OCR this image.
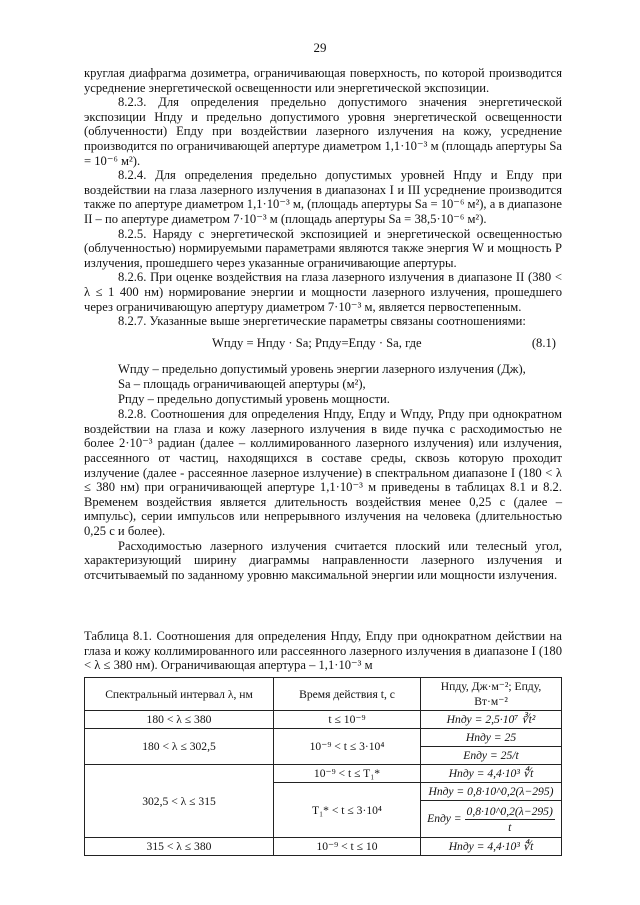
29

круглая диафрагма дозиметра, ограничивающая поверхность, по которой производится усреднение энергетической освещенности или энергетической экспозиции.

8.2.3. Для определения предельно допустимого значения энергетической экспозиции Hпду и предельно допустимого уровня энергетической освещенности (облученности) Eпду при воздействии лазерного излучения на кожу, усреднение производится по ограничивающей апертуре диаметром 1,1·10⁻³ м (площадь апертуры Sa = 10⁻⁶ м²).

8.2.4. Для определения предельно допустимых уровней Hпду и Eпду при воздействии на глаза лазерного излучения в диапазонах I и III усреднение производится также по апертуре диаметром 1,1·10⁻³ м, (площадь апертуры Sa = 10⁻⁶ м²), а в диапазоне II – по апертуре диаметром 7·10⁻³ м (площадь апертуры Sa = 38,5·10⁻⁶ м²).

8.2.5. Наряду с энергетической экспозицией и энергетической освещенностью (облученностью) нормируемыми параметрами являются также энергия W и мощность P излучения, прошедшего через указанные ограничивающие апертуры.

8.2.6. При оценке воздействия на глаза лазерного излучения в диапазоне II (380 < λ ≤ 1 400 нм) нормирование энергии и мощности лазерного излучения, прошедшего через ограничивающую апертуру диаметром 7·10⁻³ м, является первостепенным.

8.2.7. Указанные выше энергетические параметры связаны соотношениями:

Wпду = Hпду · Sa; Pпду=Eпду · Sa, где	(8.1)
Wпду – предельно допустимый уровень энергии лазерного излучения (Дж),
Sa – площадь ограничивающей апертуры (м²),
Pпду – предельно допустимый уровень мощности.

8.2.8. Соотношения для определения Hпду, Eпду и Wпду, Pпду при однократном воздействии на глаза и кожу лазерного излучения в виде пучка с расходимостью не более 2·10⁻³ радиан (далее – коллимированного лазерного излучения) или излучения, рассеянного от частиц, находящихся в составе среды, сквозь которую проходит излучение (далее - рассеянное лазерное излучение) в спектральном диапазоне I (180 < λ ≤ 380 нм) при ограничивающей апертуре 1,1·10⁻³ м приведены в таблицах 8.1 и 8.2. Временем воздействия является длительность воздействия менее 0,25 с (далее – импульс), серии импульсов или непрерывного излучения на человека (длительностью 0,25 с и более).

Расходимостью лазерного излучения считается плоский или телесный угол, характеризующий ширину диаграммы направленности лазерного излучения и отсчитываемый по заданному уровню максимальной энергии или мощности излучения.

Таблица 8.1. Соотношения для определения Hпду, Eпду при однократном действии на глаза и кожу коллимированного или рассеянного лазерного излучения в диапазоне I (180 < λ ≤ 380 нм). Ограничивающая апертура – 1,1·10⁻³ м
Спектральный интервал λ, нм	Время действия t, с	Hпду, Дж·м⁻²; Eпду, Вт·м⁻²
180 < λ ≤ 380	t ≤ 10⁻⁹	Hпду = 2,5·10⁷ ∛t²
180 < λ ≤ 302,5	10⁻⁹ < t ≤ 3·10⁴	Hпду = 25
		Eпду = 25/t
302,5 < λ ≤ 315	10⁻⁹ < t ≤ T₁*	Hпду = 4,4·10³ ∜t
	T₁* < t ≤ 3·10⁴	Hпду = 0,8·10^0,2(λ−295)
		Eпду = $\frac{0,8\cdot 10\^{}0,2(\lambda-295)}{t}$

315 < λ ≤ 380	10⁻⁹ < t ≤ 10	Hпду = 4,4·10³ ∜t
